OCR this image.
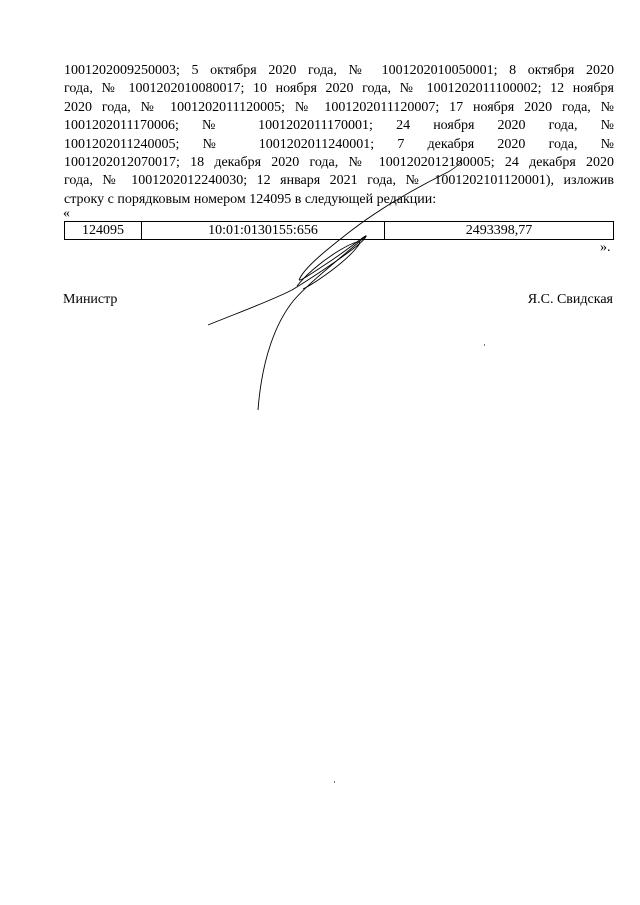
1001202009250003; 5 октября 2020 года, № 1001202010050001; 8 октября 2020
года, № 1001202010080017; 10 ноября 2020 года, № 1001202011100002; 12 ноября
2020 года, № 1001202011120005; № 1001202011120007; 17 ноября 2020 года, №
1001202011170006; № 1001202011170001; 24 ноября 2020 года, №
1001202011240005; № 1001202011240001; 7 декабря 2020 года, №
1001202012070017; 18 декабря 2020 года, № 1001202012180005; 24 декабря 2020
года, № 1001202012240030; 12 января 2021 года, № 1001202101120001), изложив
строку с порядковым номером 124095 в следующей редакции:
«
124095	10:01:0130155:656	2493398,77
».
Министр	Я.С. Свидская
